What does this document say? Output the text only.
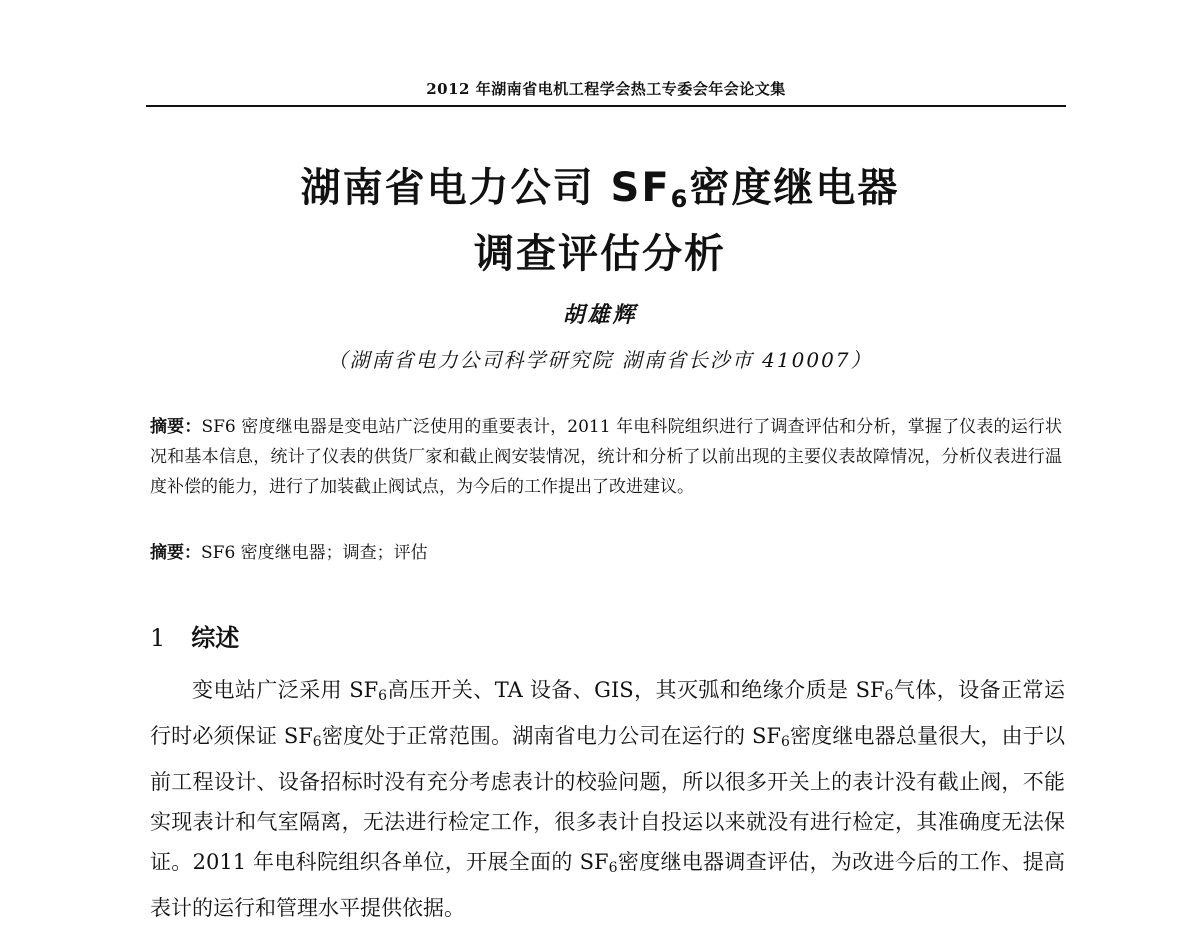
2012 年湖南省电机工程学会热工专委会年会论文集
湖南省电力公司 $SF_6$密度继电器
调查评估分析
胡雄辉
（湖南省电力公司科学研究院 湖南省长沙市 410007）
摘要：SF6 密度继电器是变电站广泛使用的重要表计，2011 年电科院组织进行了调查评估和分析，掌握了仪表的运行状况和基本信息，统计了仪表的供货厂家和截止阀安装情况，统计和分析了以前出现的主要仪表故障情况，分析仪表进行温度补偿的能力，进行了加装截止阀试点，为今后的工作提出了改进建议。
摘要：SF6 密度继电器；调查；评估
1 综述
变电站广泛采用 $SF_6$高压开关、TA 设备、GIS，其灭弧和绝缘介质是 $SF_6$气体，设备正常运行时必须保证 $SF_6$密度处于正常范围。湖南省电力公司在运行的 $SF_6$密度继电器总量很大，由于以前工程设计、设备招标时没有充分考虑表计的校验问题，所以很多开关上的表计没有截止阀，不能实现表计和气室隔离，无法进行检定工作，很多表计自投运以来就没有进行检定，其准确度无法保证。2011 年电科院组织各单位，开展全面的 $SF_6$密度继电器调查评估，为改进今后的工作、提高表计的运行和管理水平提供依据。
